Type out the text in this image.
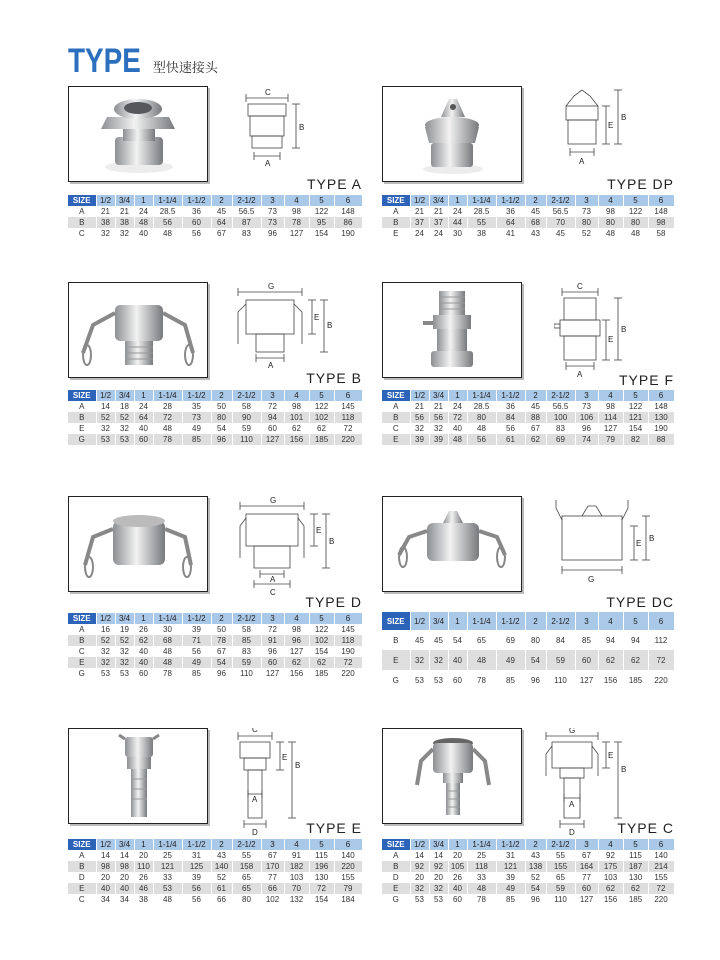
TYPE 型快速接头
C
A
B
TYPE A
SIZE	1/2	3/4	1	1-1/4	1-1/2	2	2-1/2	3	4	5	6
A	21	21	24	28.5	36	45	56.5	73	98	122	148
B	38	38	48	56	60	64	87	73	78	95	86
C	32	32	40	48	56	67	83	96	127	154	190
A
E
B
TYPE DP
SIZE	1/2	3/4	1	1-1/4	1-1/2	2	2-1/2	3	4	5	6
A	21	21	24	28.5	36	45	56.5	73	98	122	148
B	37	37	44	55	64	68	70	80	80	80	98
E	24	24	30	38	41	43	45	52	48	48	58
G
A
E
B
TYPE B
SIZE	1/2	3/4	1	1-1/4	1-1/2	2	2-1/2	3	4	5	6
A	14	18	24	28	35	50	58	72	98	122	145
B	52	52	64	72	73	80	90	94	101	102	118
E	32	32	40	48	49	54	59	60	62	62	72
G	53	53	60	78	85	96	110	127	156	185	220
C
A
E
B
TYPE F
SIZE	1/2	3/4	1	1-1/4	1-1/2	2	2-1/2	3	4	5	6
A	21	21	24	28.5	36	45	56.5	73	98	122	148
B	56	56	72	80	84	88	100	106	114	121	130
C	32	32	40	48	56	67	83	96	127	154	190
E	39	39	48	56	61	62	69	74	79	82	88
G
A
C
E
B
TYPE D
SIZE	1/2	3/4	1	1-1/4	1-1/2	2	2-1/2	3	4	5	6
A	16	19	26	30	39	50	58	72	98	122	145
B	52	52	62	68	71	78	85	91	96	102	118
C	32	32	40	48	56	67	83	96	127	154	190
E	32	32	40	48	49	54	59	60	62	62	72
G	53	53	60	78	85	96	110	127	156	185	220
G
E
B
TYPE DC
SIZE	1/2	3/4	1	1-1/4	1-1/2	2	2-1/2	3	4	5	6
B	45	45	54	65	69	80	84	85	94	94	112
E	32	32	40	48	49	54	59	60	62	62	72
G	53	53	60	78	85	96	110	127	156	185	220
C
A
D
E
B
TYPE E
SIZE	1/2	3/4	1	1-1/4	1-1/2	2	2-1/2	3	4	5	6
A	14	14	20	25	31	43	55	67	91	115	140
B	98	98	110	121	125	140	158	170	182	196	220
D	20	20	26	33	39	52	65	77	103	130	155
E	40	40	46	53	56	61	65	66	70	72	79
C	34	34	38	48	56	66	80	102	132	154	184
G
A
D
E
B
TYPE C
SIZE	1/2	3/4	1	1-1/4	1-1/2	2	2-1/2	3	4	5	6
A	14	14	20	25	31	43	55	67	92	115	140
B	92	92	105	118	121	138	155	164	175	187	214
D	20	20	26	33	39	52	65	77	103	130	155
E	32	32	40	48	49	54	59	60	62	62	72
G	53	53	60	78	85	96	110	127	156	185	220
